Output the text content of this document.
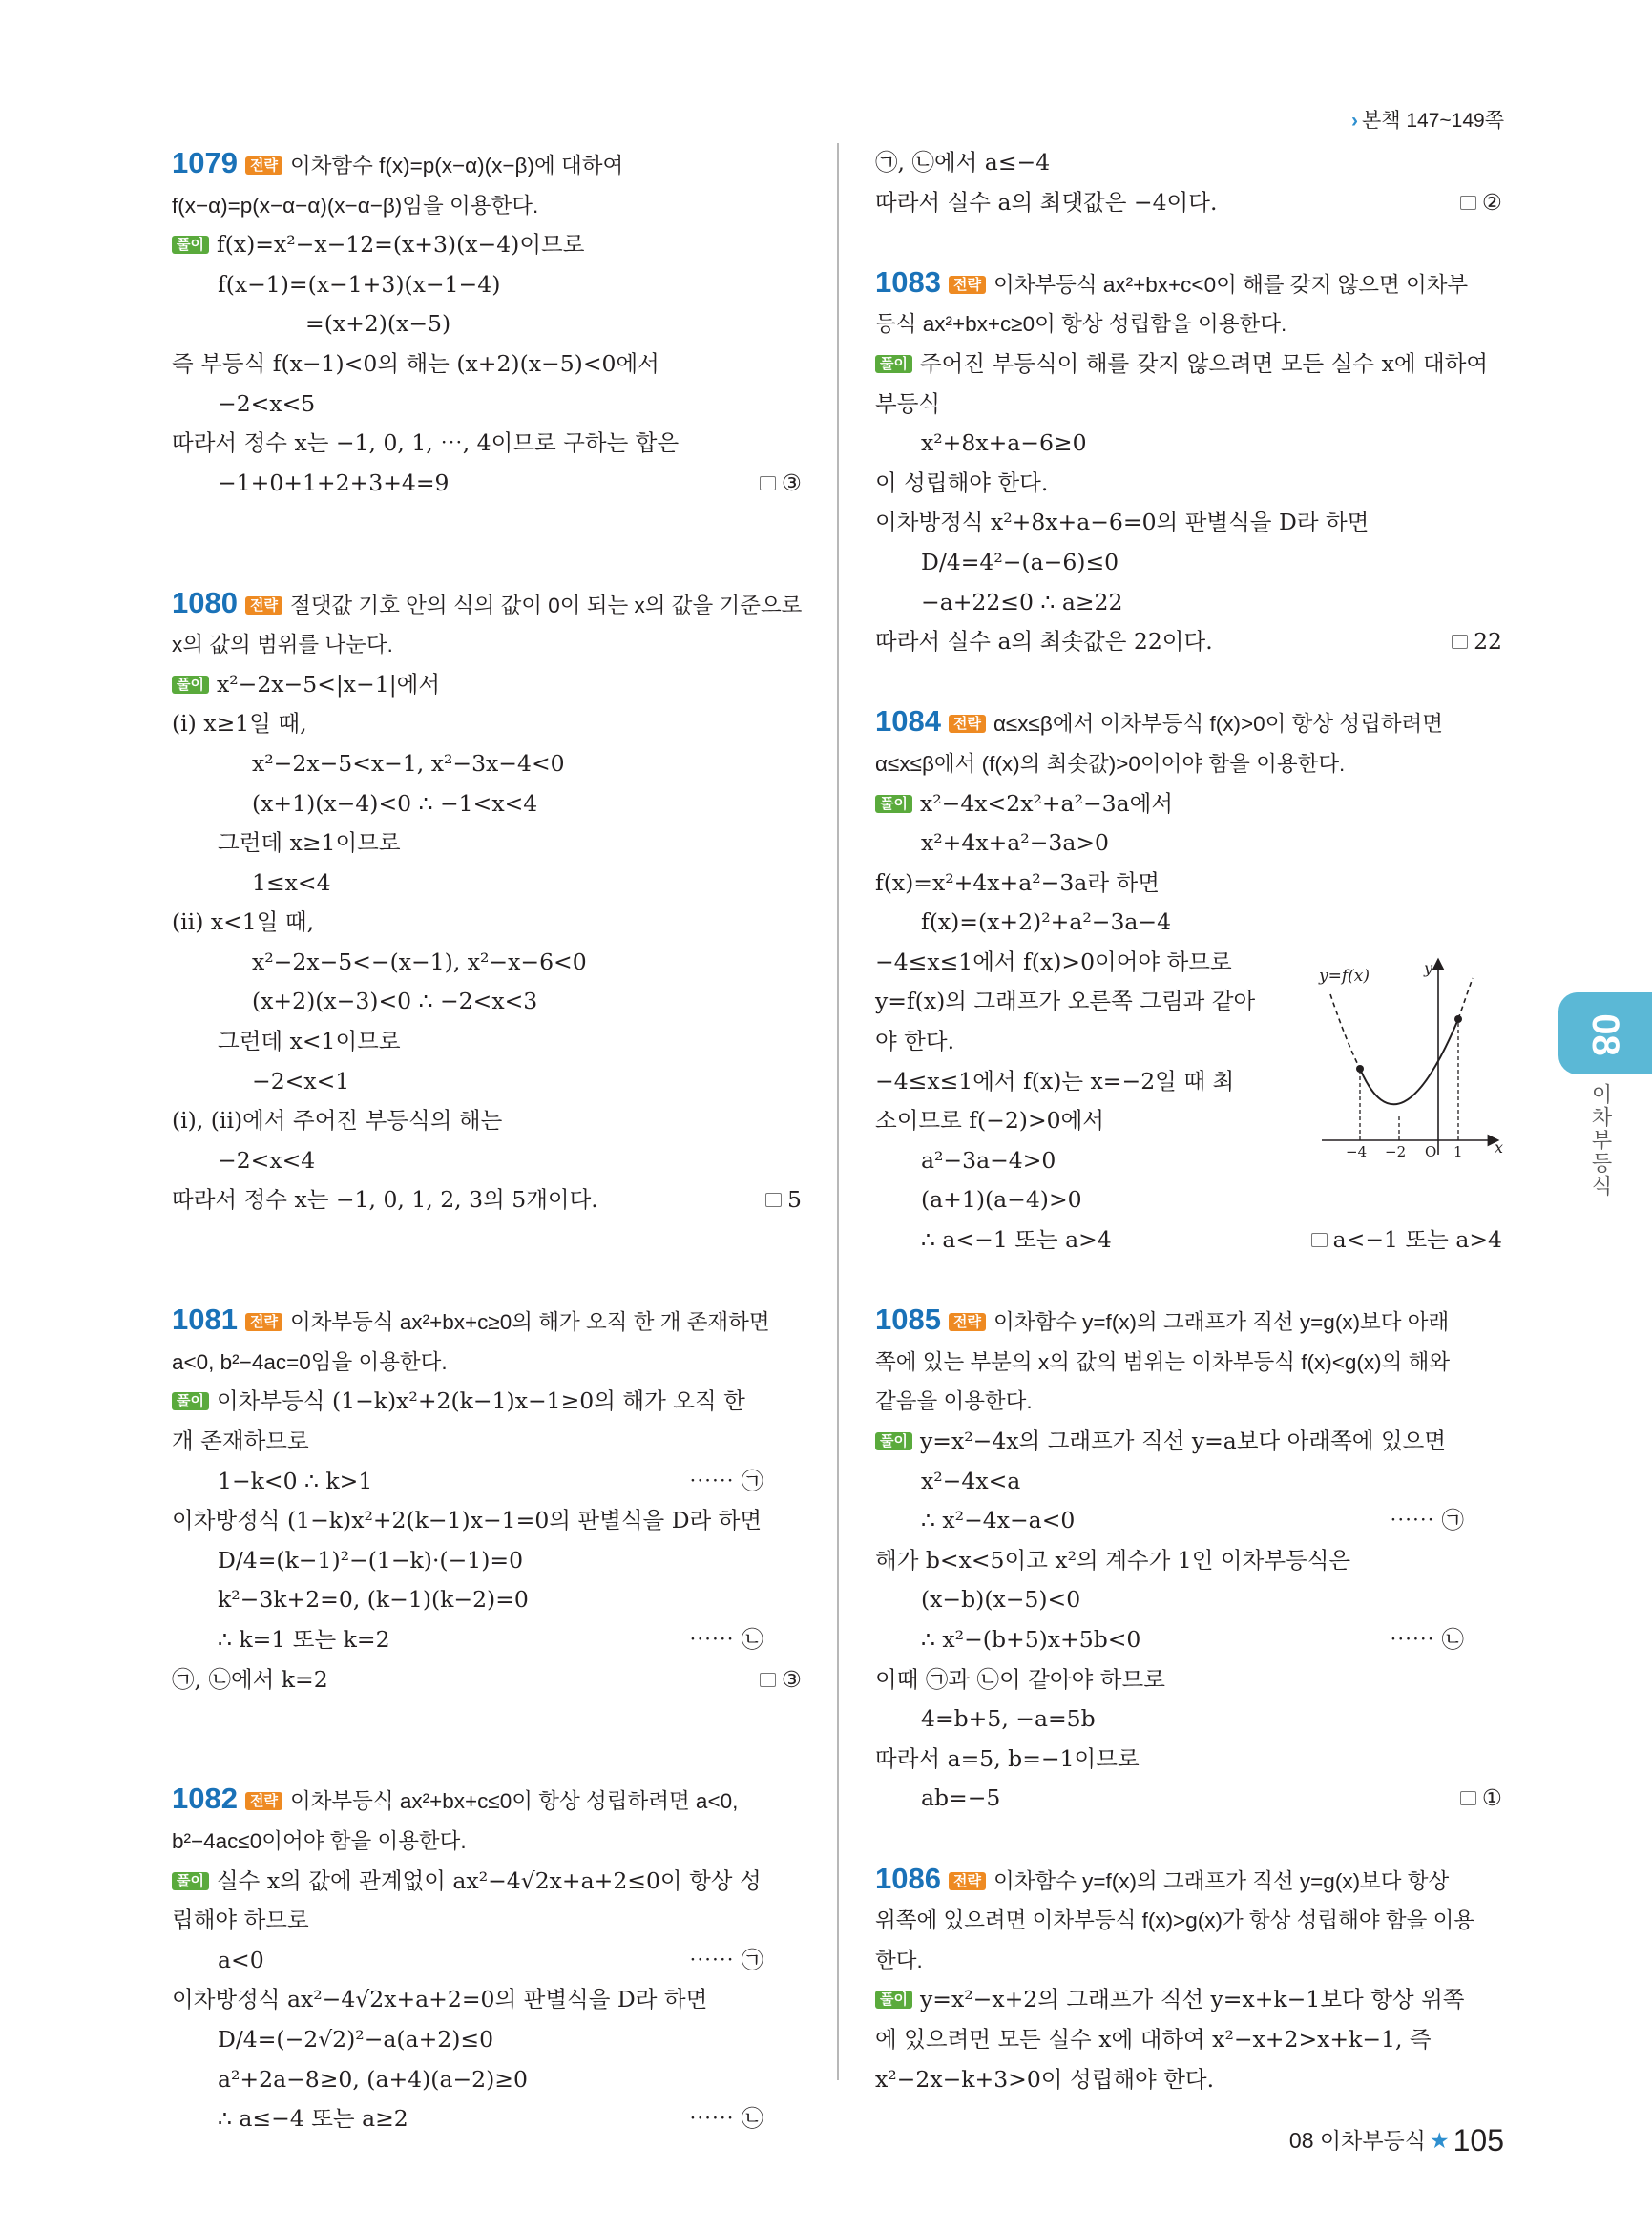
› 본책 147~149쪽
1079 전략 이차함수 f(x)=p(x−α)(x−β)에 대하여
f(x−α)=p(x−α−α)(x−α−β)임을 이용한다.
풀이 f(x)=x²−x−12=(x+3)(x−4)이므로
f(x−1)=(x−1+3)(x−1−4)
=(x+2)(x−5)
즉 부등식 f(x−1)<0의 해는 (x+2)(x−5)<0에서
−2<x<5
따라서 정수 x는 −1, 0, 1, ⋯, 4이므로 구하는 합은
−1+0+1+2+3+4=9	③
1080 전략 절댓값 기호 안의 식의 값이 0이 되는 x의 값을 기준으로
x의 값의 범위를 나눈다.
풀이 x²−2x−5<|x−1|에서
(ⅰ) x≥1일 때,
x²−2x−5<x−1, x²−3x−4<0
(x+1)(x−4)<0 ∴ −1<x<4
그런데 x≥1이므로
1≤x<4
(ⅱ) x<1일 때,
x²−2x−5<−(x−1), x²−x−6<0
(x+2)(x−3)<0 ∴ −2<x<3
그런데 x<1이므로
−2<x<1
(ⅰ), (ⅱ)에서 주어진 부등식의 해는
−2<x<4
따라서 정수 x는 −1, 0, 1, 2, 3의 5개이다.	5
1081 전략 이차부등식 ax²+bx+c≥0의 해가 오직 한 개 존재하면
a<0, b²−4ac=0임을 이용한다.
풀이 이차부등식 (1−k)x²+2(k−1)x−1≥0의 해가 오직 한
개 존재하므로
1−k<0 ∴ k>1	⋯⋯ ㉠
이차방정식 (1−k)x²+2(k−1)x−1=0의 판별식을 D라 하면
D/4=(k−1)²−(1−k)·(−1)=0
k²−3k+2=0, (k−1)(k−2)=0
∴ k=1 또는 k=2	⋯⋯ ㉡
㉠, ㉡에서 k=2	③
1082 전략 이차부등식 ax²+bx+c≤0이 항상 성립하려면 a<0,
b²−4ac≤0이어야 함을 이용한다.
풀이 실수 x의 값에 관계없이 ax²−4√2x+a+2≤0이 항상 성
립해야 하므로
a<0	⋯⋯ ㉠
이차방정식 ax²−4√2x+a+2=0의 판별식을 D라 하면
D/4=(−2√2)²−a(a+2)≤0
a²+2a−8≥0, (a+4)(a−2)≥0
∴ a≤−4 또는 a≥2	⋯⋯ ㉡
㉠, ㉡에서 a≤−4
따라서 실수 a의 최댓값은 −4이다.	②
1083 전략 이차부등식 ax²+bx+c<0이 해를 갖지 않으면 이차부
등식 ax²+bx+c≥0이 항상 성립함을 이용한다.
풀이 주어진 부등식이 해를 갖지 않으려면 모든 실수 x에 대하여
부등식
x²+8x+a−6≥0
이 성립해야 한다.
이차방정식 x²+8x+a−6=0의 판별식을 D라 하면
D/4=4²−(a−6)≤0
−a+22≤0 ∴ a≥22
따라서 실수 a의 최솟값은 22이다.	22
1084 전략 α≤x≤β에서 이차부등식 f(x)>0이 항상 성립하려면
α≤x≤β에서 (f(x)의 최솟값)>0이어야 함을 이용한다.
풀이 x²−4x<2x²+a²−3a에서
x²+4x+a²−3a>0
f(x)=x²+4x+a²−3a라 하면
f(x)=(x+2)²+a²−3a−4
−4≤x≤1에서 f(x)>0이어야 하므로
y=f(x)의 그래프가 오른쪽 그림과 같아
야 한다.
−4≤x≤1에서 f(x)는 x=−2일 때 최
소이므로 f(−2)>0에서
a²−3a−4>0
(a+1)(a−4)>0
∴ a<−1 또는 a>4	a<−1 또는 a>4
1085 전략 이차함수 y=f(x)의 그래프가 직선 y=g(x)보다 아래
쪽에 있는 부분의 x의 값의 범위는 이차부등식 f(x)<g(x)의 해와
같음을 이용한다.
풀이 y=x²−4x의 그래프가 직선 y=a보다 아래쪽에 있으면
x²−4x<a
∴ x²−4x−a<0	⋯⋯ ㉠
해가 b<x<5이고 x²의 계수가 1인 이차부등식은
(x−b)(x−5)<0
∴ x²−(b+5)x+5b<0	⋯⋯ ㉡
이때 ㉠과 ㉡이 같아야 하므로
4=b+5, −a=5b
따라서 a=5, b=−1이므로
ab=−5	①
1086 전략 이차함수 y=f(x)의 그래프가 직선 y=g(x)보다 항상
위쪽에 있으려면 이차부등식 f(x)>g(x)가 항상 성립해야 함을 이용
한다.
풀이 y=x²−x+2의 그래프가 직선 y=x+k−1보다 항상 위쪽
에 있으려면 모든 실수 x에 대하여 x²−x+2>x+k−1, 즉
x²−2x−k+3>0이 성립해야 한다.
y=f(x)	y
x
−4 −2 O 1
08
이차부등식
08 이차부등식 ★ 105
